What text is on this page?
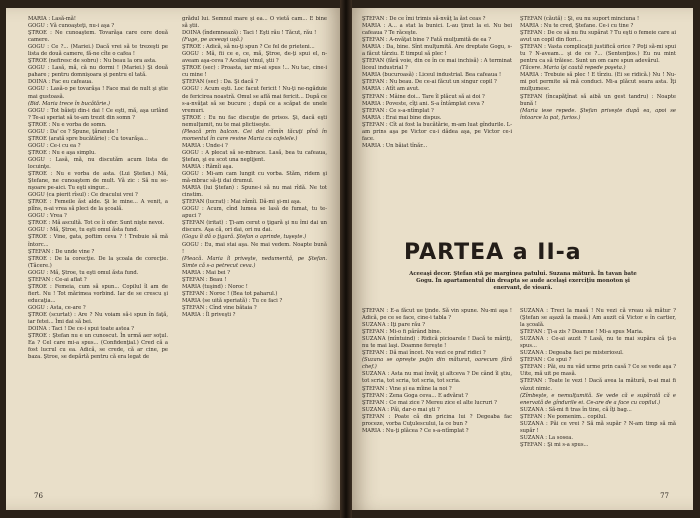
MARIA : Lasă-mă!

GOGU : Vă cunoaşteţi, nu-i aşa ?

ŞTROE : Ne cunoaştem. Tovarăşa care cere două camere.

GOGU : Ce ?... (Mariei.) Dacă vrei să te trezeşti pe lista de două camere, fă-ne cîte o cafea !

ŞTROE (nefiresc de sobru) : Nu beau la ora asta.

GOGU : Lasă, mă, că nu dormi ! (Mariei.) Şi două pahare ; pentru domnişoara şi pentru el tată.

DOINA : Fac eu cafeaua.

GOGU : Lasă-o pe tovarăşa ! Face mai de nult şi ştie mai gustoasă.

(Bid. Maria trece în bucătărie.)

GOGU : Tot băieţi din-i dai ! Ce eşti, mă, aşa urlând ? Te-ai speriat să te-am trezit din somn ?

ŞTROE : Nu e vorba de somn.

GOGU : Da' ce ? Spune, ţăranule !

ŞTROE (arată spre bucătărie) : Cu tovarăşa...

GOGU : Ce-i cu ea ?

ŞTROE : Nu e aşa simplu.

GOGU : Lasă, mă, nu discutăm acum lista de locuinţe.

ŞTROE : Nu e vorba de asta. (Lui Ştefan.) Mă, Ştefane, ne cunoaştem de mult. Vă zic : Să nu se-nşoare pe-aici. Tu eşti singur...

GOGU (ca pierit rîsul) : Ce dracului vrei ?

ŞTROE : Femeile ăst alde. Şi le mine... A venit, a plîns, n-ai vrea să pleci de la şcoală.

GOGU : Vrea ?

ŞTROE : Mă ascultă. Tot ce îi ofer. Sunt nişte nevoi.

GOGU : Mă, Ştroe, tu eşti omul ăsta fund.

ŞTROE : Vine, gata, poftim ceva ? ! Trebuie să mă întorc...

ŞTEFAN : De unde vine ?

ŞTROE : De la corecţie. De la şcoala de corecţie. (Tăcere.)

GOGU : Mă, Ştroe, tu eşti omul ăsta fund.

ŞTEFAN : Ce-ai aflat ?

ŞTROE : Femeia, cum să spun... Copilul îl am de fiert. Nu ! Tot mărimea vorbind. Iar de se crescu şi educaţia...

GOGU : Asta, ce-are ?

ŞTROE (scurtat) : Are ? Nu voiam să-i spun în faţă, iar fetei... Îmi dai să bei.

DOINA : Taci ! De ce-i spui toate astea ?

ŞTROE : Ştefan nu e un cunoscut. În urmă aer soţul. Ea ? Cel care mi-a spus... (Confidenţial.) Cred că a fost lucrul cu ea. Adică, se crede, că ar cine, pe baza. Ştroe, se depărtă pentru că era legat de

grădul lui. Semnul mare şi ea... O vietă cam... E bine să ştii.

DOINA (îndemnează) : Taci ! Eşti rău ! Tăcut, rău !

(Fuge, pe aceeaşi ușă.)

ŞTROE : Adică, să nu-ţi spun ? Ce fel de prieteni...

GOGU : Mă, fii ce e, ce, mă, Ştroe, de-ţi spui el, n-aveam aşa-ceva ? Acelaşi vinul, ştii ?

ŞTROE (sec) : Proasta, iar mi-ai spus !... Nu tac, cine-i cu mine !

ŞTEFAN (sec) : Da. Şi dacă ?

GOGU : Acum eşti. Loc facut fericit ! Nu-ţi ne-ngăduie de fericirea noastră. Omul se află mai fericit... După ce s-a-nvăţat să se bucure ; după ce a scăpat de unele vremuri.

ŞTROE : Eu nu fac discuţie de prisos. Şi, dacă eşti nemulţumit, nu te mai plictiseşte.

(Pleacă prin balcon. Cei doi rămîn tăcuţi pînă în momentul în care revine Maria cu cafelele.)

MARIA : Unde-i ?

GOGU : A plecat să se-mbrace. Lasă, bea tu cafeaua, Ştefan, şi eu scot una neglijent.

MARIA : Rămîi aşa.

GOGU : Mi-am cam lungit cu vorba. Stăm, ridem şi mă-mbrac să-ţi dai drumul.

MARIA (lui Ştefan) : Spune-i să nu mai rîdă. Ne tot cinstim.

ŞTEFAN (lucrat) : Mai rămîi. Dă-mi şi-mi aşa.

GOGU : Acum, cînd lumea se lasă de fumat, tu te-apuci ?

ŞTEFAN (iritat) : Ţi-am cerut o ţigară şi nu îmi dai un discurs. Aşa că, ori dai, ori nu dai.

(Gogu îi dă o ţigară. Ştefan o aprinde, tuşeşte.)

GOGU : Eu, mai stai aşa. Ne mai vedem. Noapte bună !

(Pleacă. Maria îl priveşte, nedumerită, pe Ştefan. Simte că s-a petrecut ceva.)

MARIA : Mai bei ?

ŞTEFAN : Beau !

MARIA (tuşind) : Noroc !

ŞTEFAN : Noroc ! (Bea tot paharul.)

MARIA (se uită speriată) : Tu ce faci ?

ŞTEFAN : Cînd vine bătaia ?

MARIA : Îl priveşti ?

76

ŞTEFAN : De ce îmi trimis să-nvăţ la ăst ceas ?

MARIA : A... a stat la bunici. L-au ţinut la ei. Nu bei cafeaua ? Te răceşte.

ŞTEFAN : A-nvăţat bine ? Fată mulţumită de ea ?

MARIA : Da, bine. Sînt mulţumită. Are dreptate Gogu, s-a făcut târziu. E timpul să plec !

ŞTEFAN (fără voie, din ce în ce mai inchisă) : A terminat liceul industrial ?

MARIA (bucuroasă) : Liceul industrial. Bea cafeaua !

ŞTEFAN : Nu beau. De ce-ai făcut un singur copil ?

MARIA : Atît am avut.

ŞTEFAN : Mâine doi... Tare îl plăcut să ai doi ?

MARIA : Poveste, cîţi ani. S-a întâmplat ceva ?

ŞTEFAN : Ce s-a-ntîmplat ?

MARIA : Erai mai bine dispus.

ŞTEFAN : Cît ai fost la bucătărie, m-am luat gîndurile. L-am prins aşa pe Victor cu-i dădea aşa, pe Victor ce-i face.

MARIA : Un băiat tînăr...

ŞTEFAN (căută) : Şi, eu nu suport minciuna !

MARIA : Nu te cred, Ştefane. Ce-i cu tine ?

ŞTEFAN : De ce să nu fiu supărat ? Tu eşti o femeie care ai avut un copil din flori...

ŞTEFAN : Vasta complicaţii justifică orice ? Poţi să-mi spui tu ? N-aveam... şi de ce ?... (Sentenţios.) Eu nu mint pentru ca să trăiesc. Sunt un om care spun adevărul.

(Tăcere. Maria îşi caută repede poşeta.)

MARIA : Trebuie să plec ! E tîrziu. (Ei se ridică.) Nu ! Nu-mi pot permite să mă conduci. Mi-a plăcut seara asta. Îţi mulţumesc.

ŞTEFAN (încapăţînat să aibă un gest tandru) : Noapte bună !

(Maria iese repede. Ştefan priveşte după ea, apoi se întoarce la pat, furios.)

PARTEA a II-a
Aceeaşi decor. Ştefan stă pe marginea patului. Suzana mătură. În tavan bate Gogu. În apartamentul din dreapta se aude acelaşi exerciţiu monoton şi enervant, de vioară.

ŞTEFAN : E-a făcut ue ţinde. Să vin spune. Nu-mi aşa ! Adică, pe ce se face, cine-i tabla ?

SUZANA : Iţi pare rău ?

ŞTEFAN : Mi-o fi părând bine.

SUZANA (mîntuind) : Ridică picioarele ! Dacă te măriţi, nu te mai laşi. Doamne fereşte !

ŞTEFAN : Dă mai încet. Nu vezi ce praf ridici ?

(Suzana se oprește puţin din măturat, oarecum fără chef.)

SUZANA : Asta nu mai învăţ şi altceva ? De când îl ştiu, tot scria, tot scria, tot scria, tot scria.

ŞTEFAN : Vine și ea mîine la noi ?

ŞTEFAN : Zena Goga ceva... E advărat ?

ŞTEFAN : Ce mai zice ? Mereu zice el alte lucruri ?

SUZANA : Păi, dar-o mai şti ?

ŞTEFAN : Poate că din pricina lui ? Degeaba fac proceze, vorba Cuţulescului, la ce bun ?

MARIA : Nu-ţi plăcea ? Ce s-a-ntîmplat ?

SUZANA : Treci la masă ! Nu vezi că vreau să mătur ? (Ştefan se aşază la masă.) Am auzit că Victor e în cartier, la şcoală.

ŞTEFAN : Ţi-a zis ? Doamne ! Mi-a spus Maria.

SUZANA : Ce-ai auzit ? Lasă, nu te mai supăra că ţi-a spus...

SUZANA : Degeaba faci pe misteriosul.

ŞTEFAN : Ce spui ?

ŞTEFAN : Păi, eu nu văd urme prin casă ? Ce se vede aşa ? Uite, mă uit pe masă.

ŞTEFAN : Toate le vezi ! Dacă avea la mătură, n-ai mai fi văzut nimic.

(Zîmbeşte, e nemulţumită. Se vede că e supărată că e enervată de gîndurile ei. Ce-are de a face cu copilul.)

SUZANA : Să-mi fi tras în tine, că îţi bag...

ŞTEFAN : Ne pomenim... copilul.

SUZANA : Păi ce vrei ? Să mă supăr ? N-am timp să mă supăr !

SUZANA : La sosea.

ŞTEFAN : Şi mi s-a spus...

77
